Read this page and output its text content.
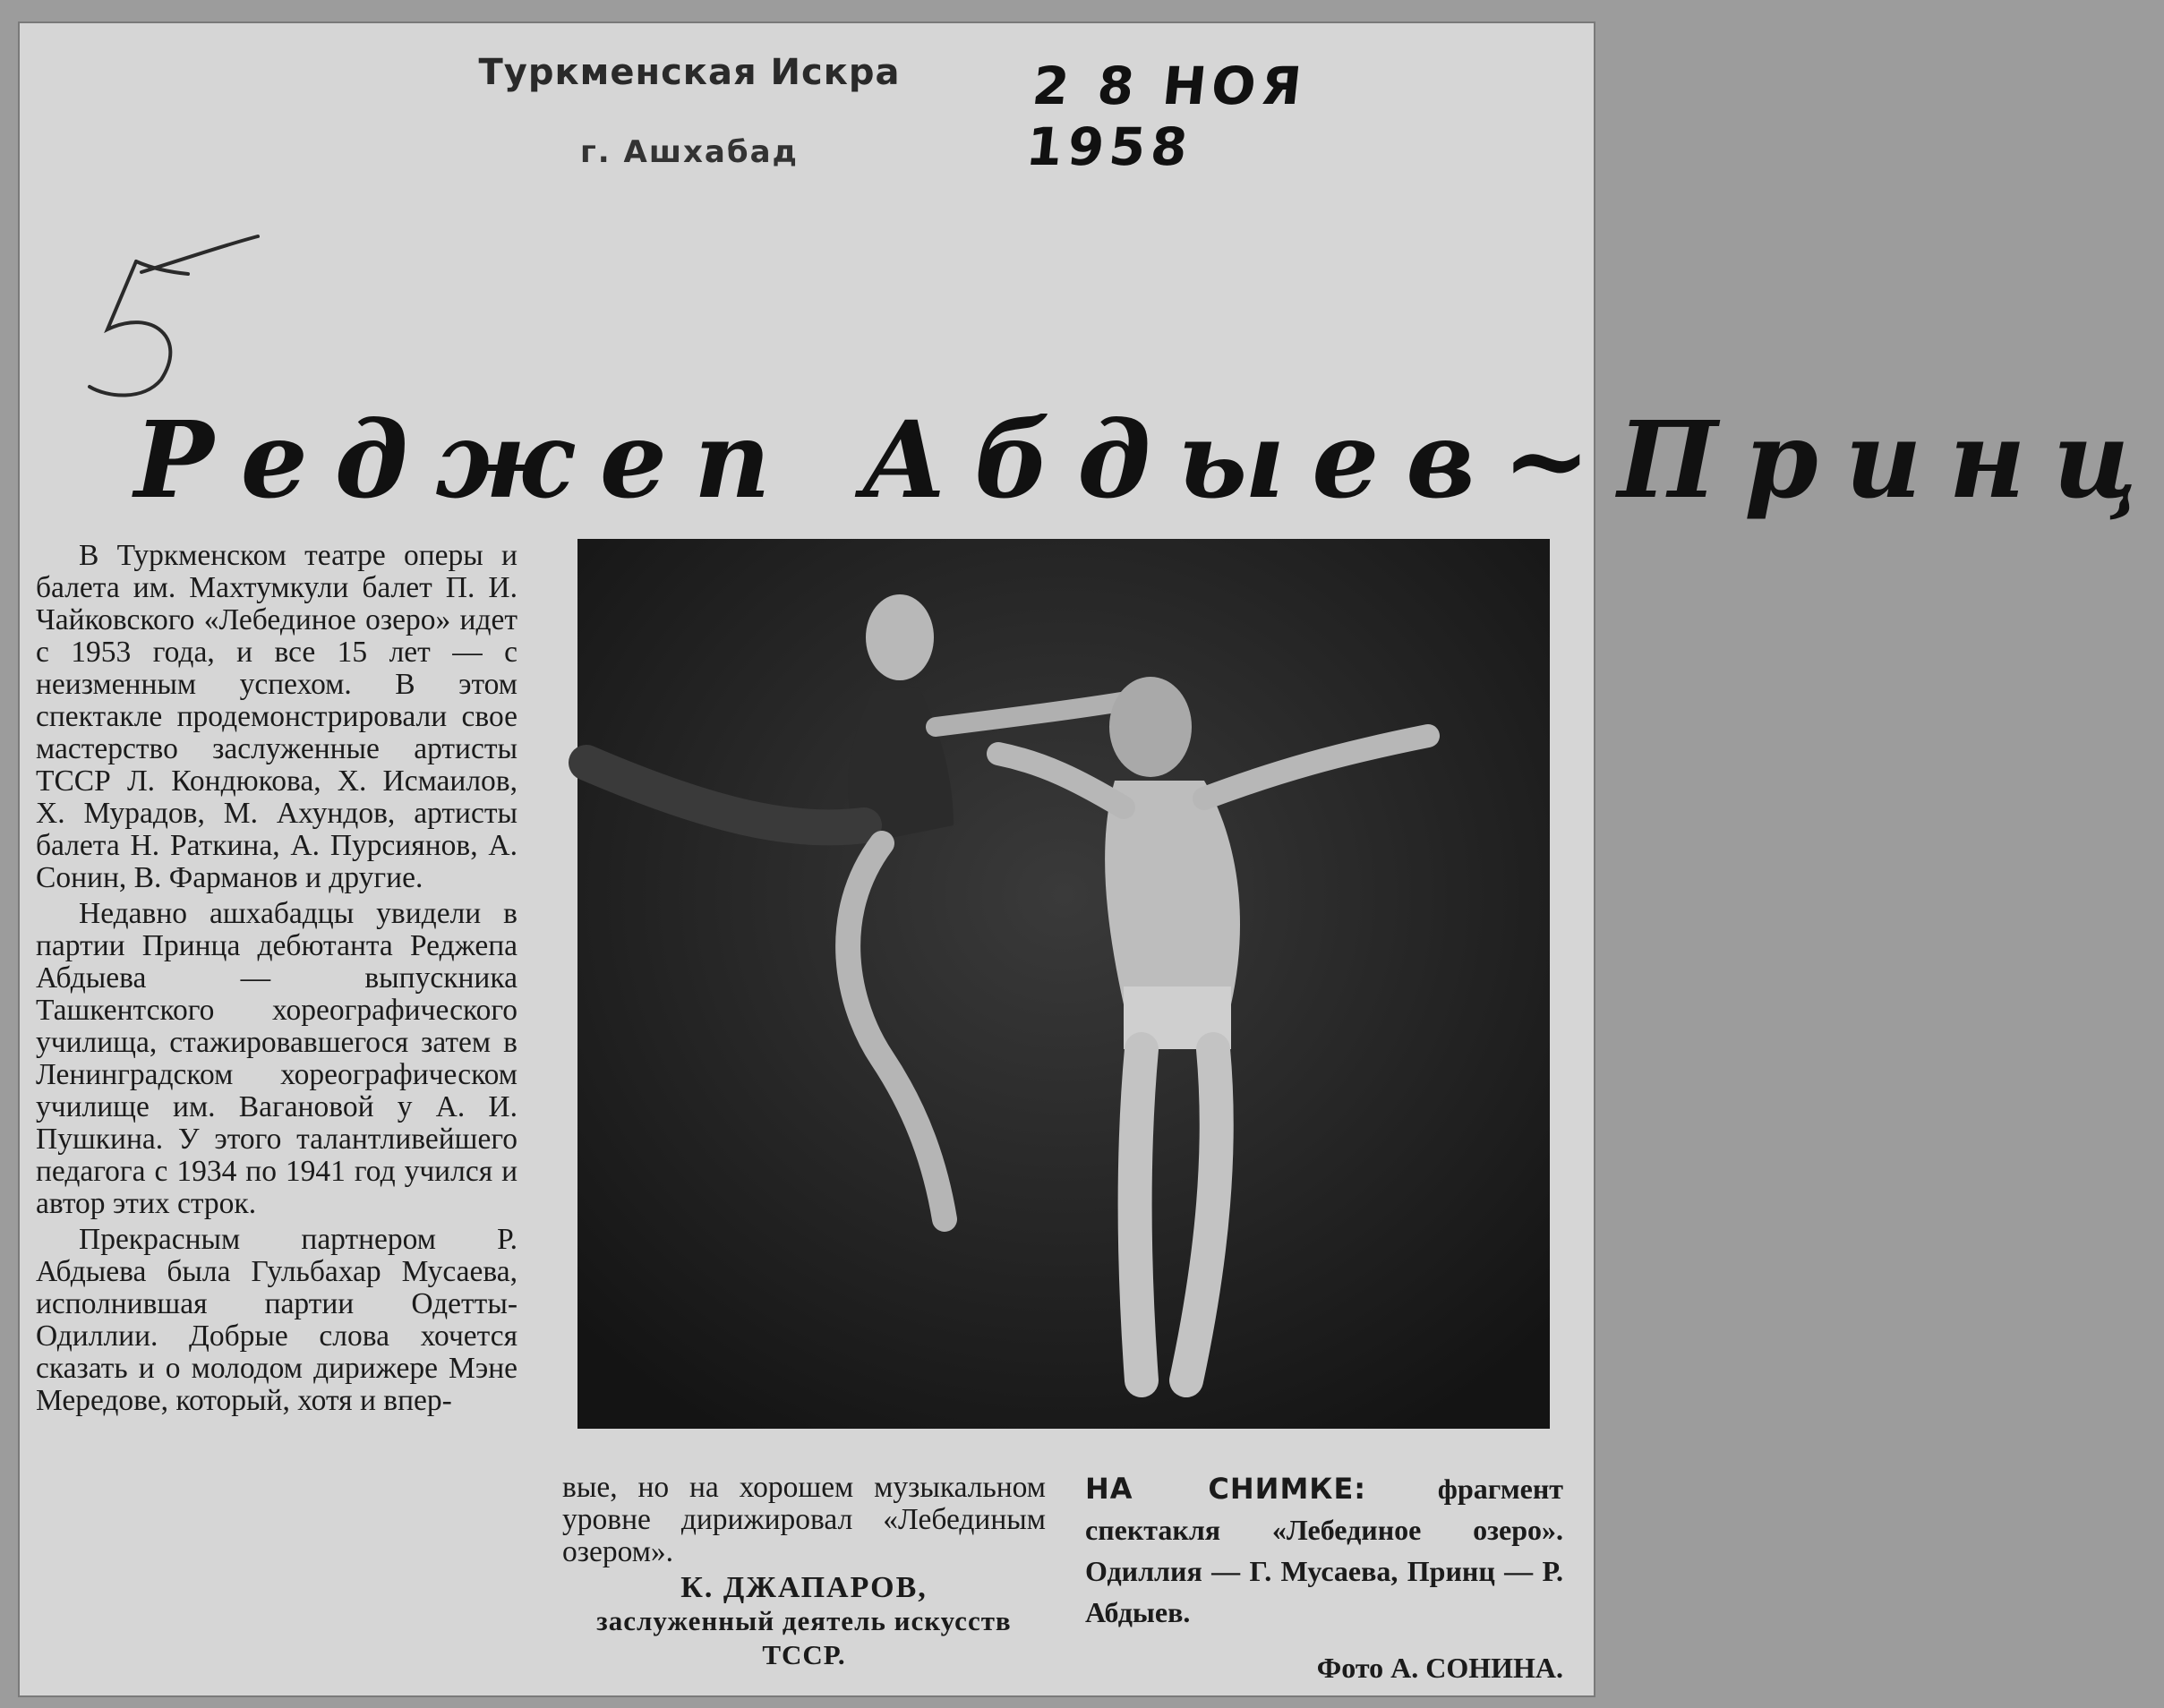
Туркменская Искра
г. Ашхабад
2 8 НОЯ 1958
Реджеп Абдыев~Принц

В Туркменском театре оперы и балета им. Махтумкули балет П. И. Чайковского «Лебединое озеро» идет с 1953 года, и все 15 лет — с неизменным успехом. В этом спектакле продемонстрировали свое мастерство заслуженные артисты ТССР Л. Кондюкова, Х. Исмаилов, Х. Мурадов, М. Ахундов, артисты балета Н. Раткина, А. Пурсиянов, А. Сонин, В. Фарманов и другие.

Недавно ашхабадцы увидели в партии Принца дебютанта Реджепа Абдыева — выпускника Ташкентского хореографического училища, стажировавшегося затем в Ленинградском хореографическом училище им. Вагановой у А. И. Пушкина. У этого талантливейшего педагога с 1934 по 1941 год учился и автор этих строк.

Прекрасным партнером Р. Абдыева была Гульбахар Мусаева, исполнившая партии Одетты-Одиллии. Добрые слова хочется сказать и о молодом дирижере Мэне Мередове, который, хотя и впер-

вые, но на хорошем музыкальном уровне дирижировал «Лебединым озером».

К. ДЖАПАРОВ,
заслуженный деятель искусств ТССР.

НА СНИМКЕ: фрагмент спектакля «Лебединое озеро». Одиллия — Г. Мусаева, Принц — Р. Абдыев.

Фото А. СОНИНА.
